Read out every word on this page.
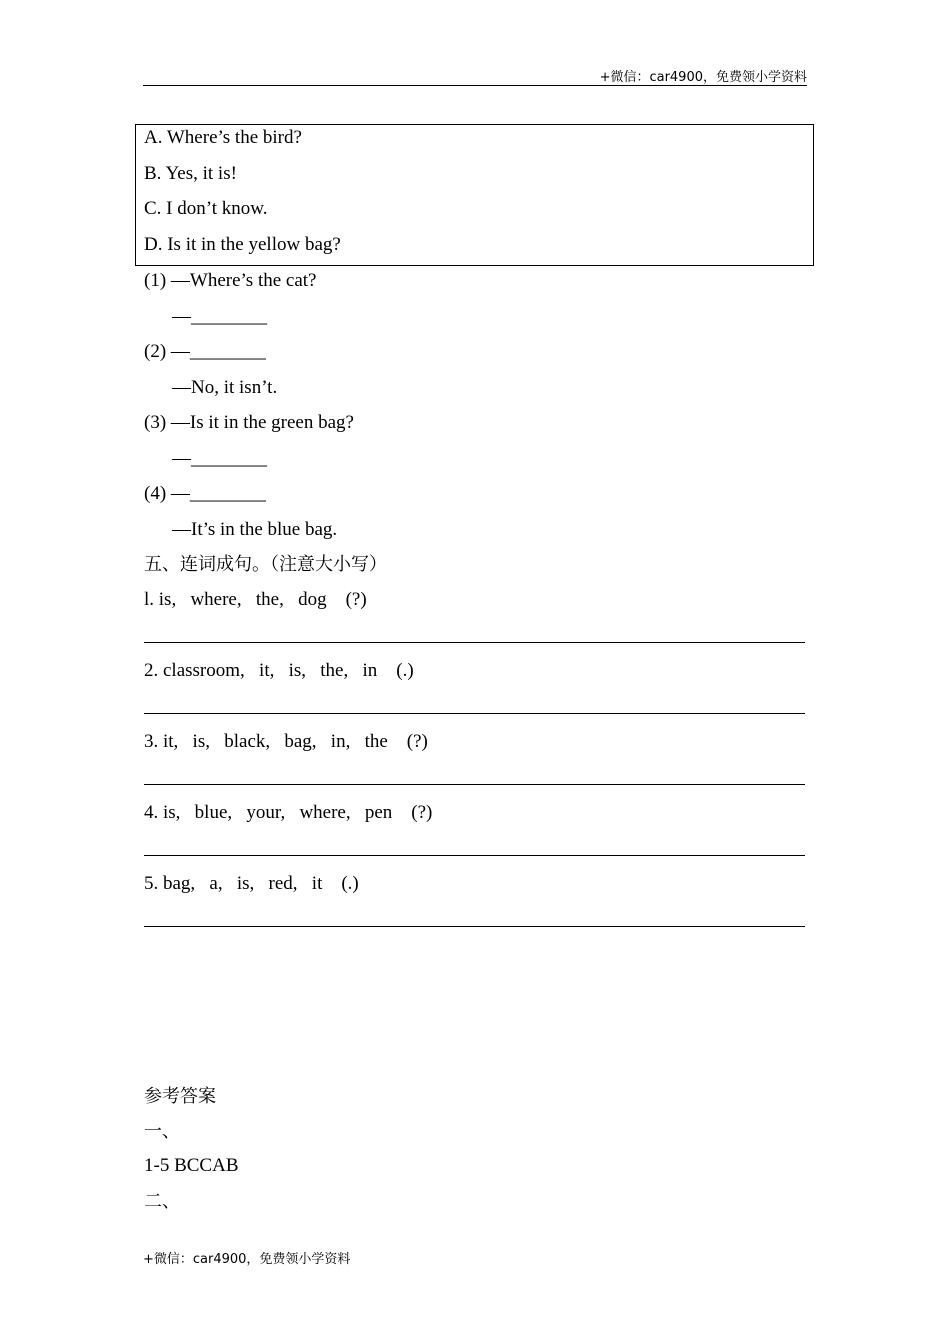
+微信：car4900，免费领小学资料
A. Where’s the bird?
B. Yes, it is!
C. I don’t know.
D. Is it in the yellow bag?
(1) —Where’s the cat?
—________
(2) —________
—No, it isn’t.
(3) —Is it in the green bag?
—________
(4) —________
—It’s in the blue bag.
五、连词成句。（注意大小写）
l. is,   where,   the,   dog    (?)
2. classroom,   it,   is,   the,   in    (.)
3. it,   is,   black,   bag,   in,   the    (?)
4. is,   blue,   your,   where,   pen    (?)
5. bag,   a,   is,   red,   it    (.)
参考答案
一、
1-5 BCCAB
二、
+微信：car4900，免费领小学资料
